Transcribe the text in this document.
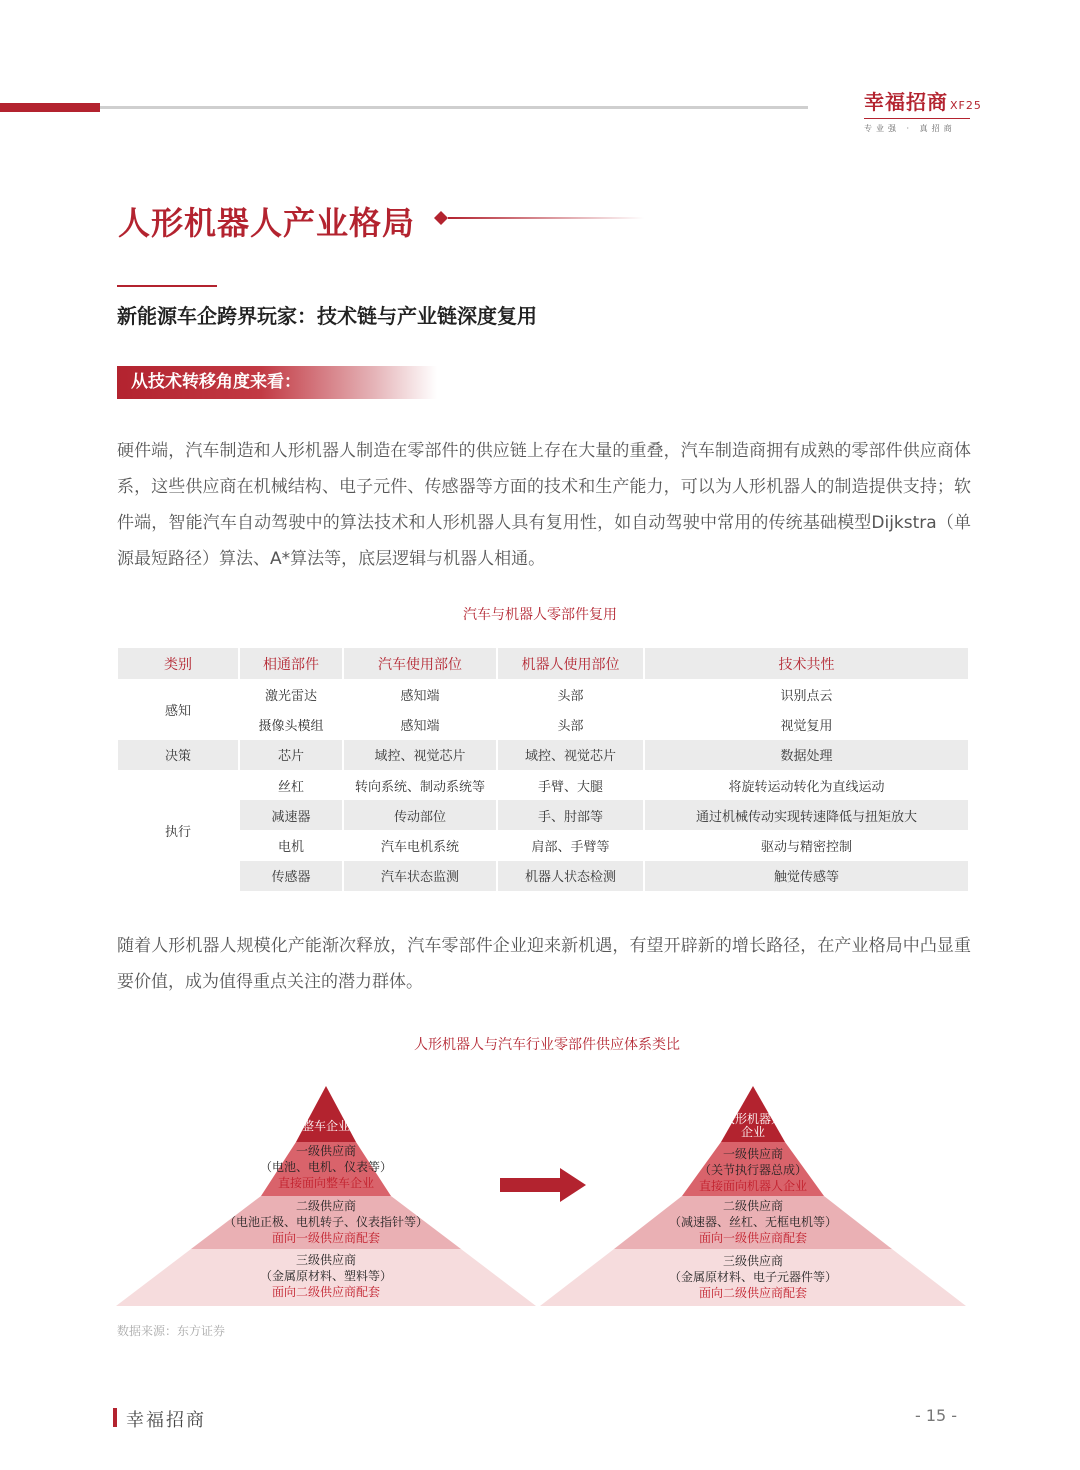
幸福招商 XF25
专业强 · 真招商
人形机器人产业格局
新能源车企跨界玩家：技术链与产业链深度复用
从技术转移角度来看：
硬件端，汽车制造和人形机器人制造在零部件的供应链上存在大量的重叠，汽车制造商拥有成熟的零部件供应商体系，这些供应商在机械结构、电子元件、传感器等方面的技术和生产能力，可以为人形机器人的制造提供支持；软件端，智能汽车自动驾驶中的算法技术和人形机器人具有复用性，如自动驾驶中常用的传统基础模型Dijkstra（单源最短路径）算法、A*算法等，底层逻辑与机器人相通。
汽车与机器人零部件复用
类别	相通部件	汽车使用部位	机器人使用部位	技术共性
感知	激光雷达	感知端	头部	识别点云
	摄像头模组	感知端	头部	视觉复用
决策	芯片	域控、视觉芯片	域控、视觉芯片	数据处理
执行	丝杠	转向系统、制动系统等	手臂、大腿	将旋转运动转化为直线运动
	减速器	传动部位	手、肘部等	通过机械传动实现转速降低与扭矩放大
	电机	汽车电机系统	肩部、手臂等	驱动与精密控制
	传感器	汽车状态监测	机器人状态检测	触觉传感等
随着人形机器人规模化产能渐次释放，汽车零部件企业迎来新机遇，有望开辟新的增长路径，在产业格局中凸显重要价值，成为值得重点关注的潜力群体。
人形机器人与汽车行业零部件供应体系类比
整车企业
一级供应商
（电池、电机、仪表等）
直接面向整车企业
二级供应商
（电池正极、电机转子、仪表指针等）
面向一级供应商配套
三级供应商
（金属原材料、塑料等）
面向二级供应商配套
人形机器人
企业
一级供应商
（关节执行器总成）
直接面向机器人企业
二级供应商
（减速器、丝杠、无框电机等）
面向一级供应商配套
三级供应商
（金属原材料、电子元器件等）
面向二级供应商配套
数据来源：东方证券
幸福招商	- 15 -
